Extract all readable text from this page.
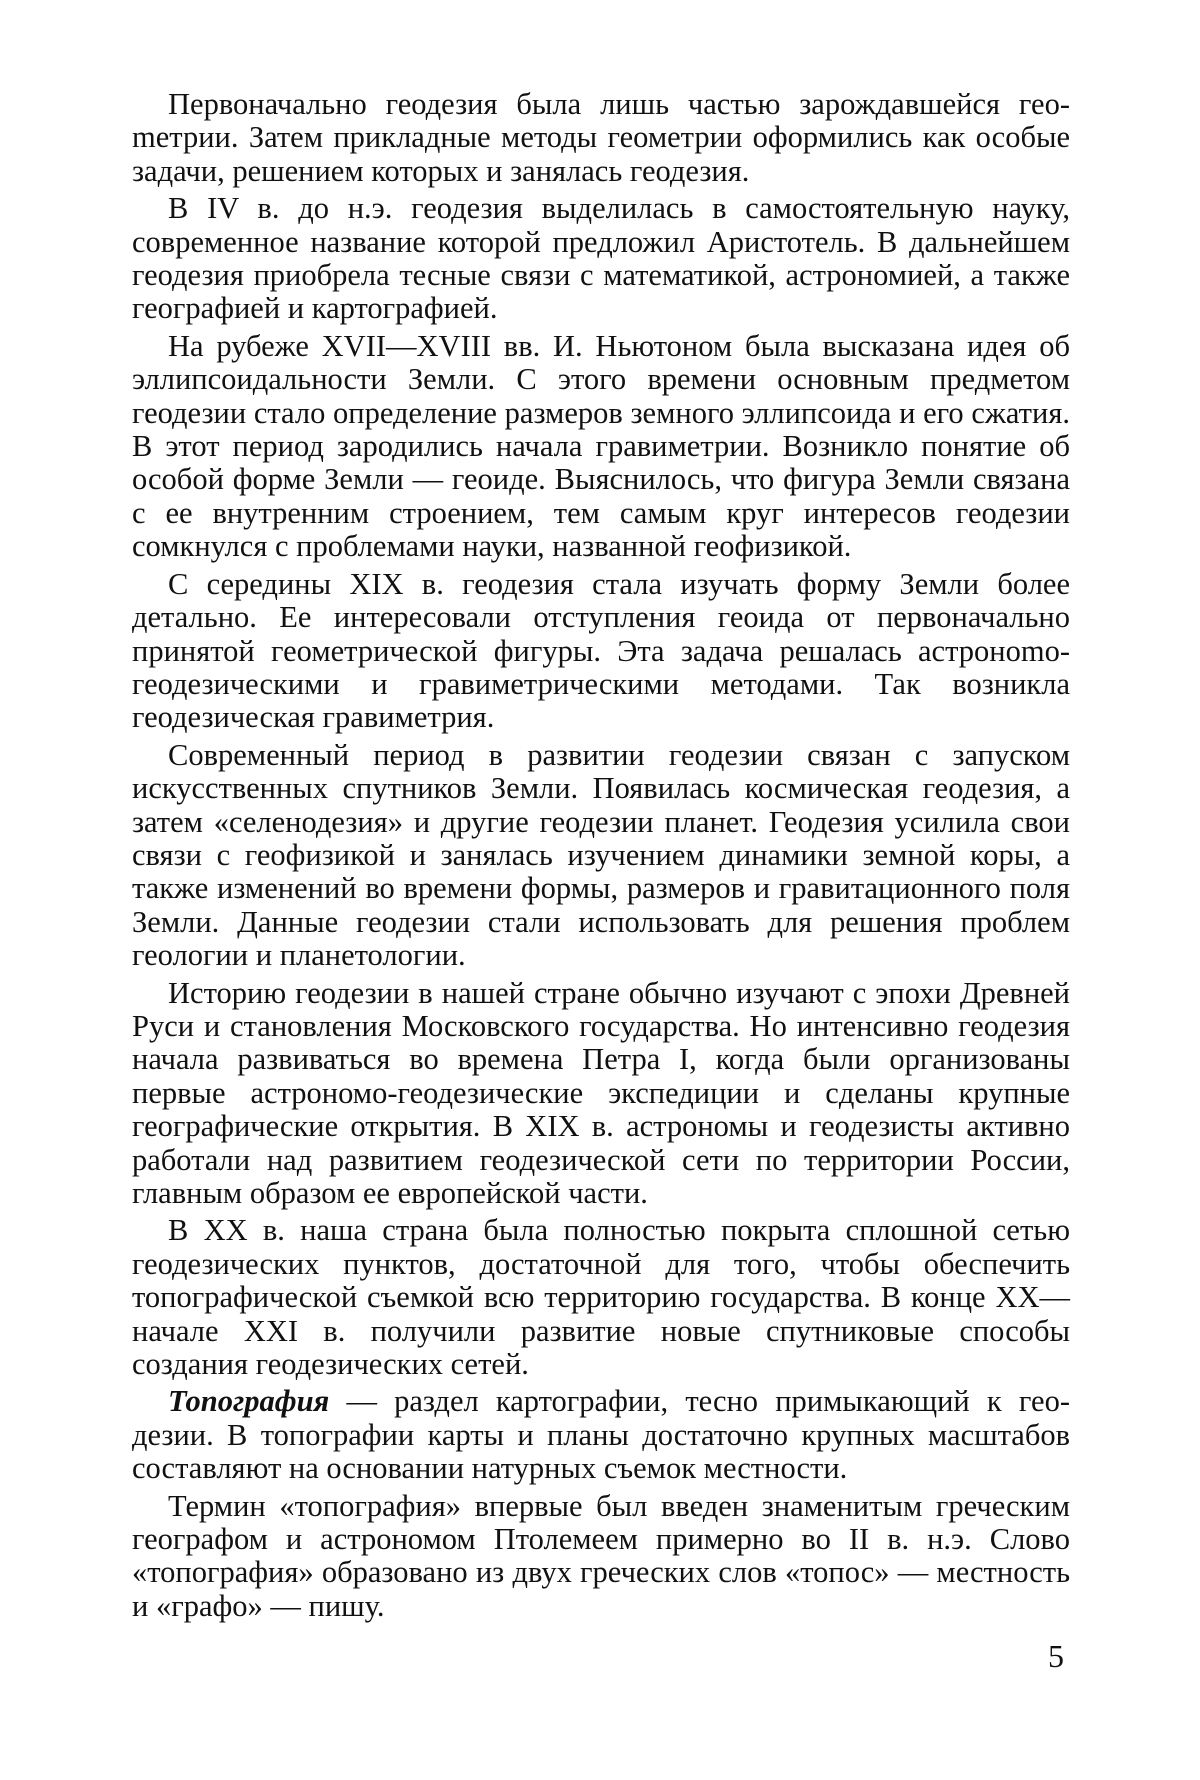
Первоначально геодезия была лишь частью зарождавшейся геоmетрии. Затем прикладные методы геометрии оформились как особые задачи, решением которых и занялась геодезия.

В IV в. до н.э. геодезия выделилась в самостоятельную науку, современное название которой предложил Аристотель. В дальнейшем геодезия приобрела тесные связи с математикой, астрономией, а также географией и картографией.

На рубеже XVII—XVIII вв. И. Ньютоном была высказана идея об эллипсоидальности Земли. С этого времени основным предметом геодезии стало определение размеров земного эллипсоида и его сжатия. В этот период зародились начала гравиметрии. Возникло понятие об особой форме Земли — геоиде. Выяснилось, что фигура Земли связана с ее внутренним строением, тем самым круг интересов геодезии сомкнулся с проблемами науки, названной геофизикой.

С середины XIX в. геодезия стала изучать форму Земли более детально. Ее интересовали отступления геоида от первоначально принятой геометрической фигуры. Эта задача решалась астроноmо-геодезическими и гравиметрическими методами. Так возникла геодезическая гравиметрия.

Современный период в развитии геодезии связан с запуском искусственных спутников Земли. Появилась космическая геодезия, а затем «селенодезия» и другие геодезии планет. Геодезия усилила свои связи с геофизикой и занялась изучением динамики земной коры, а также изменений во времени формы, размеров и гравитационного поля Земли. Данные геодезии стали использовать для решения проблем геологии и планетологии.

Историю геодезии в нашей стране обычно изучают с эпохи Древней Руси и становления Московского государства. Но интенсивно геодезия начала развиваться во времена Петра I, когда были организованы первые астрономо-геодезические экспедиции и сделаны крупные географические открытия. В XIX в. астрономы и геодезисты активно работали над развитием геодезической сети по территории России, главным образом ее европейской части.

В XX в. наша страна была полностью покрыта сплошной сетью геодезических пунктов, достаточной для того, чтобы обеспечить топографической съемкой всю территорию государства. В конце XX—начале XXI в. получили развитие новые спутниковые способы создания геодезических сетей.

Топография — раздел картографии, тесно примыкающий к геодезии. В топографии карты и планы достаточно крупных масштабов составляют на основании натурных съемок местности.

Термин «топография» впервые был введен знаменитым греческим географом и астрономом Птолемеем примерно во II в. н.э. Слово «топография» образовано из двух греческих слов «топос» — местность и «графо» — пишу.

5
